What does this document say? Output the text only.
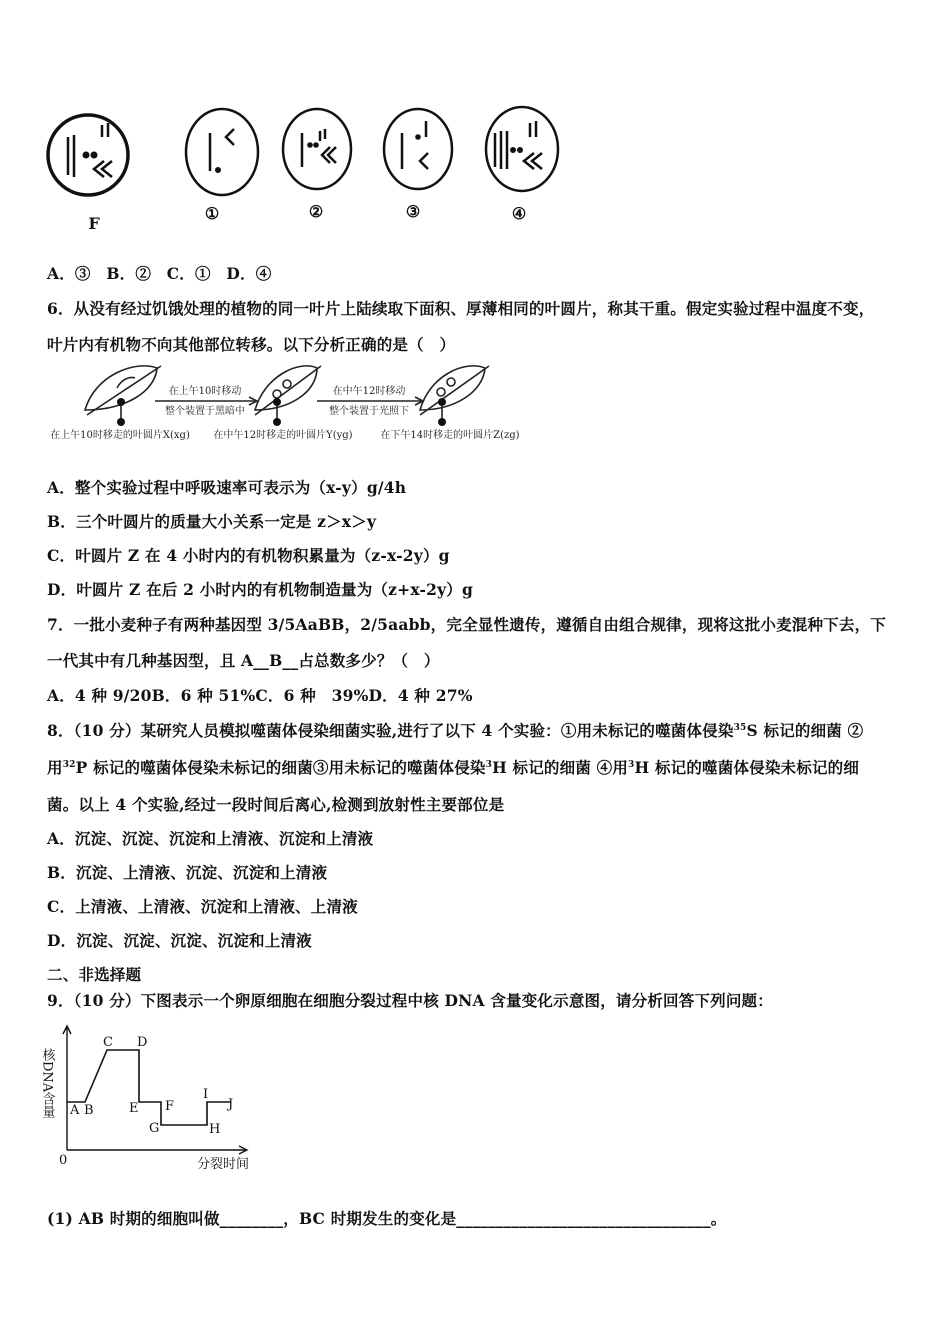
F
①	②	③	④
A．③　B．②　C．①　D．④
6．从没有经过饥饿处理的植物的同一叶片上陆续取下面积、厚薄相同的叶圆片，称其干重。假定实验过程中温度不变，
叶片内有机物不向其他部位转移。以下分析正确的是（　）
在上午10时移动
整个装置于黑暗中
在中午12时移动
整个装置于光照下
在上午10时移走的叶圆片X(xg) 在中午12时移走的叶圆片Y(yg)	在下午14时移走的叶圆片Z(zg)
A．整个实验过程中呼吸速率可表示为（x-y）g/4h
B．三个叶圆片的质量大小关系一定是 z＞x＞y
C．叶圆片 Z 在 4 小时内的有机物积累量为（z-x-2y）g
D．叶圆片 Z 在后 2 小时内的有机物制造量为（z+x-2y）g
7．一批小麦种子有两种基因型 3/5AaBB，2/5aabb，完全显性遗传，遵循自由组合规律，现将这批小麦混种下去，下
一代其中有几种基因型，且 A__B__占总数多少？（　）
A．4 种 9/20B．6 种 51%C．6 种　39%D．4 种 27%
8．（10 分）某研究人员模拟噬菌体侵染细菌实验,进行了以下 4 个实验：①用未标记的噬菌体侵染$^{35}$S 标记的细菌 ②
用$^{32}$P 标记的噬菌体侵染未标记的细菌③用未标记的噬菌体侵染$^3$H 标记的细菌 ④用$^3$H 标记的噬菌体侵染未标记的细
菌。以上 4 个实验,经过一段时间后离心,检测到放射性主要部位是
A．沉淀、沉淀、沉淀和上清液、沉淀和上清液
B．沉淀、上清液、沉淀、沉淀和上清液
C．上清液、上清液、沉淀和上清液、上清液
D．沉淀、沉淀、沉淀、沉淀和上清液
二、非选择题
9．（10 分）下图表示一个卵原细胞在细胞分裂过程中核 DNA 含量变化示意图，请分析回答下列问题：
核DNA含量
0	分裂时间
A B
C D
E F
G	H
I
J
(1) AB 时期的细胞叫做________，BC 时期发生的变化是________________________________。
